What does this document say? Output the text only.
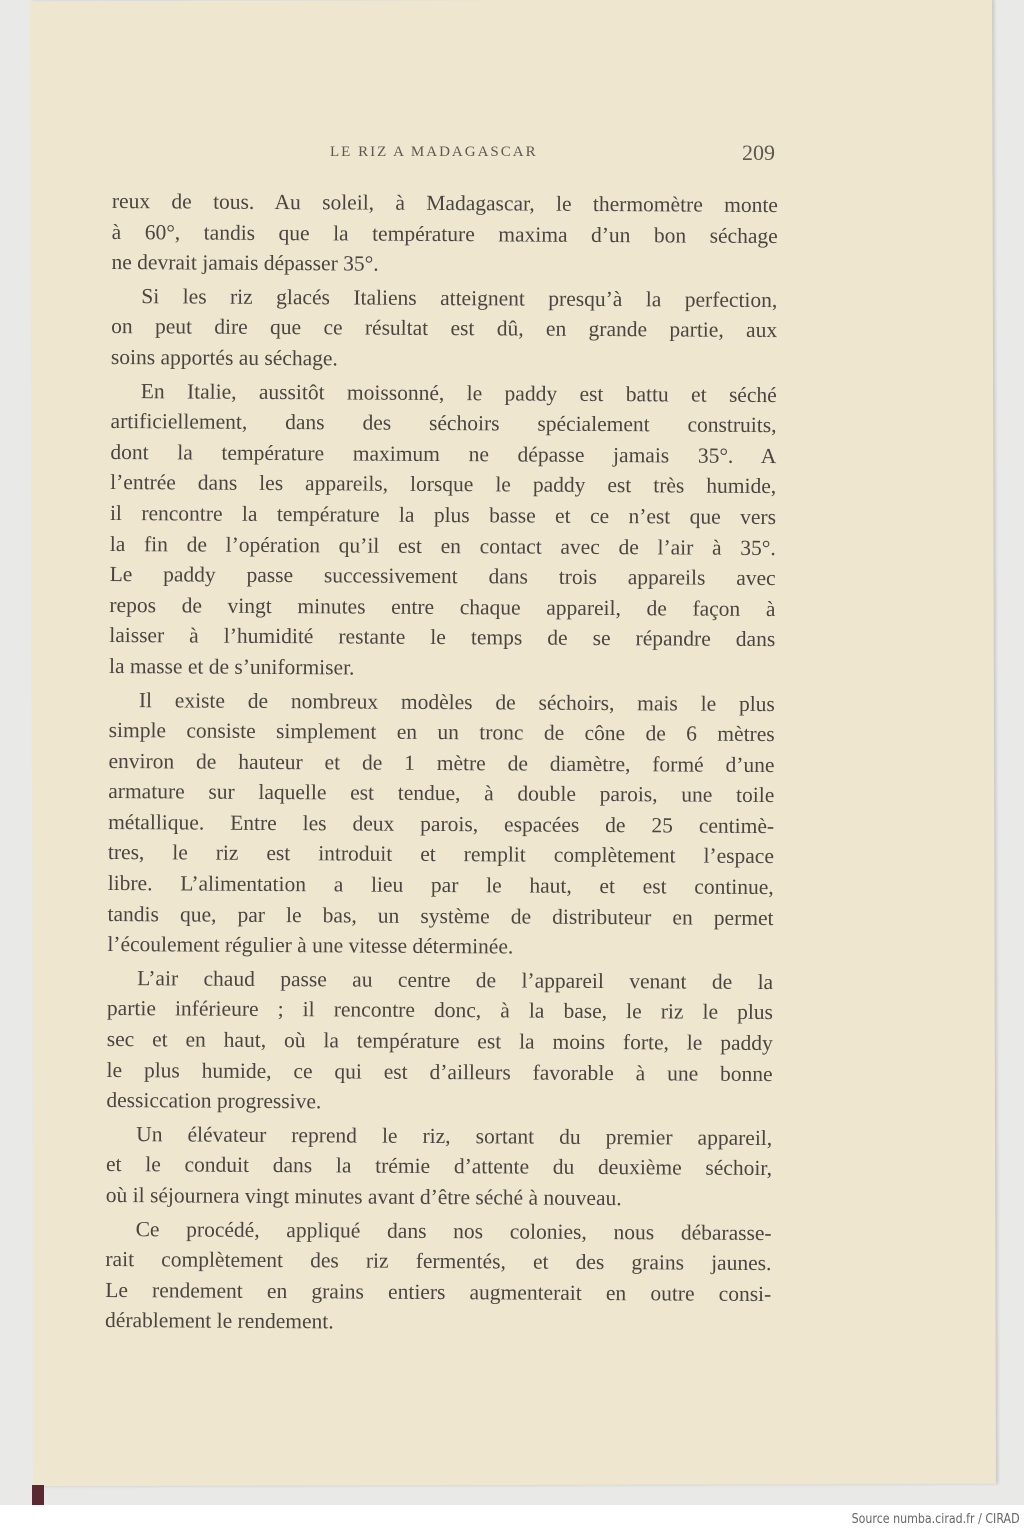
LE RIZ A MADAGASCAR	209
reux de tous. Au soleil, à Madagascar, le thermomètre monte
à 60°, tandis que la température maxima d’un bon séchage
ne devrait jamais dépasser 35°.
Si les riz glacés Italiens atteignent presqu’à la perfection,
on peut dire que ce résultat est dû, en grande partie, aux
soins apportés au séchage.
En Italie, aussitôt moissonné, le paddy est battu et séché
artificiellement, dans des séchoirs spécialement construits,
dont la température maximum ne dépasse jamais 35°. A
l’entrée dans les appareils, lorsque le paddy est très humide,
il rencontre la température la plus basse et ce n’est que vers
la fin de l’opération qu’il est en contact avec de l’air à 35°.
Le paddy passe successivement dans trois appareils avec
repos de vingt minutes entre chaque appareil, de façon à
laisser à l’humidité restante le temps de se répandre dans
la masse et de s’uniformiser.
Il existe de nombreux modèles de séchoirs, mais le plus
simple consiste simplement en un tronc de cône de 6 mètres
environ de hauteur et de 1 mètre de diamètre, formé d’une
armature sur laquelle est tendue, à double parois, une toile
métallique. Entre les deux parois, espacées de 25 centimè-
tres, le riz est introduit et remplit complètement l’espace
libre. L’alimentation a lieu par le haut, et est continue,
tandis que, par le bas, un système de distributeur en permet
l’écoulement régulier à une vitesse déterminée.
L’air chaud passe au centre de l’appareil venant de la
partie inférieure ; il rencontre donc, à la base, le riz le plus
sec et en haut, où la température est la moins forte, le paddy
le plus humide, ce qui est d’ailleurs favorable à une bonne
dessiccation progressive.
Un élévateur reprend le riz, sortant du premier appareil,
et le conduit dans la trémie d’attente du deuxième séchoir,
où il séjournera vingt minutes avant d’être séché à nouveau.
Ce procédé, appliqué dans nos colonies, nous débarasse-
rait complètement des riz fermentés, et des grains jaunes.
Le rendement en grains entiers augmenterait en outre consi-
dérablement le rendement.
Source numba.cirad.fr / CIRAD
